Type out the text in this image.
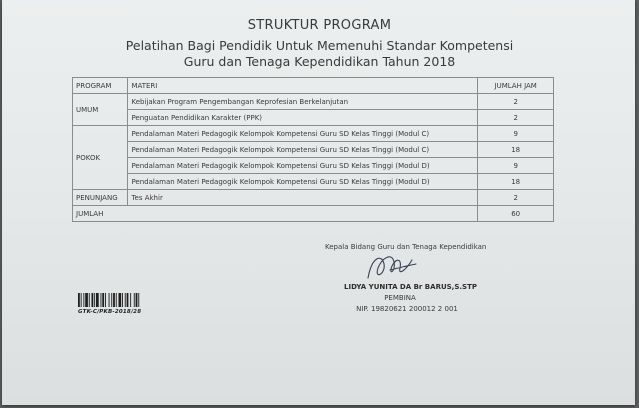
STRUKTUR PROGRAM
Pelatihan Bagi Pendidik Untuk Memenuhi Standar Kompetensi
Guru dan Tenaga Kependidikan Tahun 2018
PROGRAM	MATERI	JUMLAH JAM
UMUM	Kebijakan Program Pengembangan Keprofesian Berkelanjutan	2
	Penguatan Pendidikan Karakter (PPK)	2
POKOK	Pendalaman Materi Pedagogik Kelompok Kompetensi Guru SD Kelas Tinggi (Modul C)	9
	Pendalaman Materi Pedagogik Kelompok Kompetensi Guru SD Kelas Tinggi (Modul C)	18
	Pendalaman Materi Pedagogik Kelompok Kompetensi Guru SD Kelas Tinggi (Modul D)	9
	Pendalaman Materi Pedagogik Kelompok Kompetensi Guru SD Kelas Tinggi (Modul D)	18
PENUNJANG	Tes Akhir	2
JUMLAH		60
Kepala Bidang Guru dan Tenaga Kependidikan
LIDYA YUNITA DA Br BARUS,S.STP
PEMBINA
NIP. 19820621 200012 2 001
GTK-C/PKB-2018/28
